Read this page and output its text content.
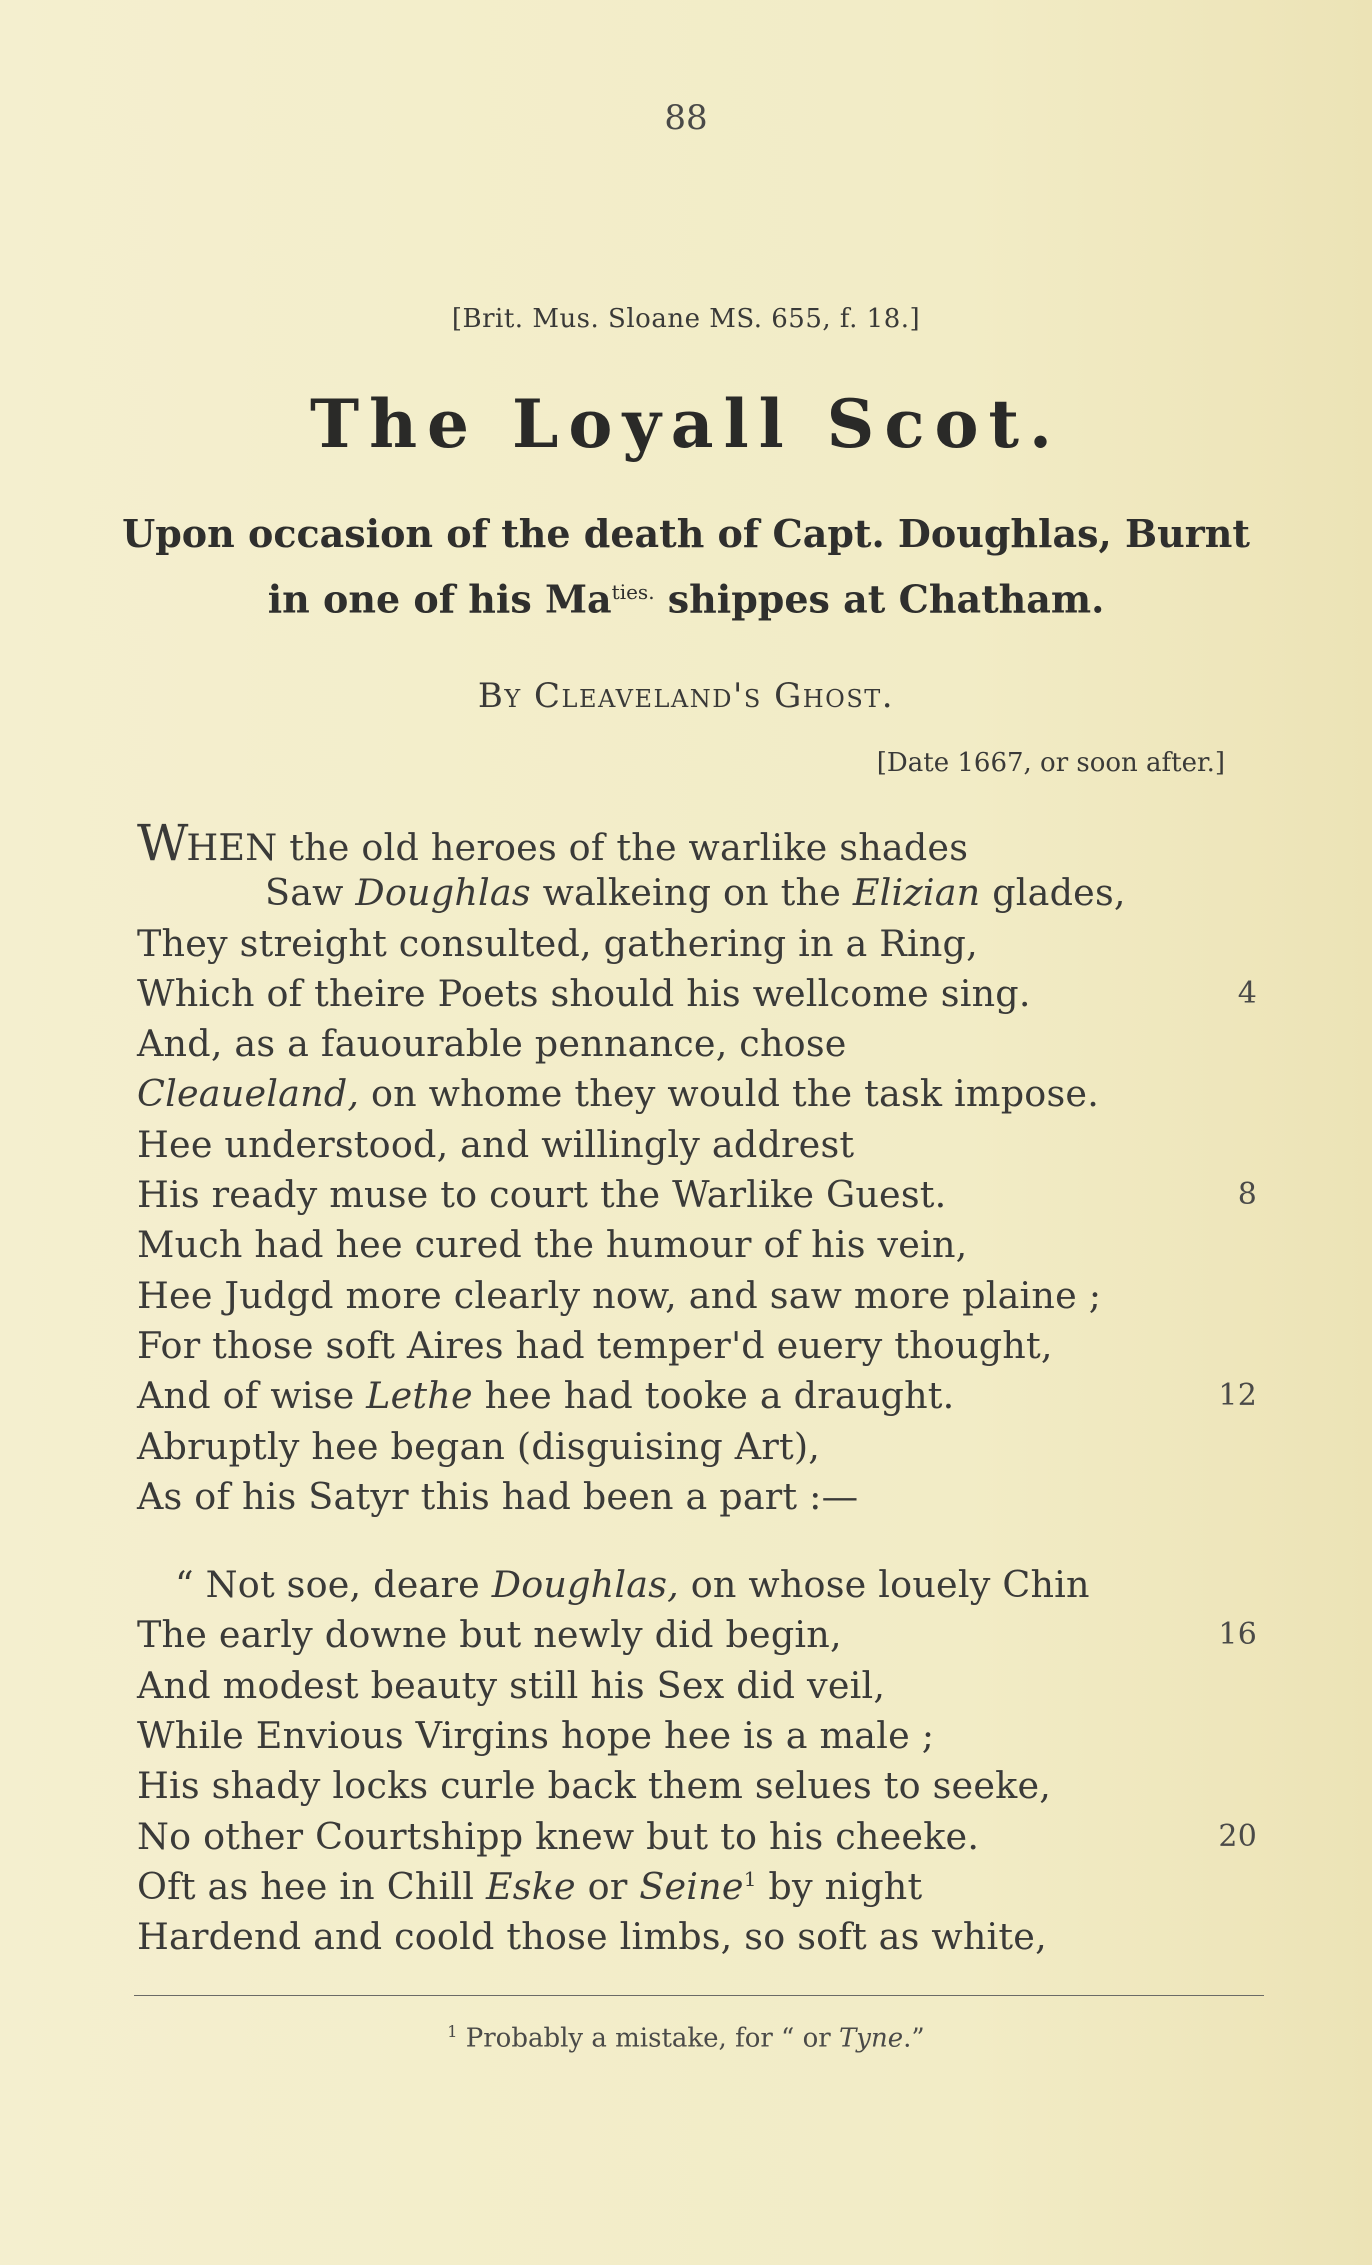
88
[Brit. Mus. Sloane MS. 655, f. 18.]
The Loyall Scot.
Upon occasion of the death of Capt. Doughlas, Burnt
in one of his $Ma^{ties.}$ shippes at Chatham.
By Cleaveland's Ghost.
[Date 1667, or soon after.]
WHEN the old heroes of the warlike shades
Saw Doughlas walkeing on the Elizian glades,
They streight consulted, gathering in a Ring,
Which of theire Poets should his wellcome sing.	4
And, as a fauourable pennance, chose
Cleaueland, on whome they would the task impose.
Hee understood, and willingly addrest
His ready muse to court the Warlike Guest.	8
Much had hee cured the humour of his vein,
Hee Judgd more clearly now, and saw more plaine ;
For those soft Aires had temper'd euery thought,
And of wise Lethe hee had tooke a draught.	12
Abruptly hee began (disguising Art),
As of his Satyr this had been a part :—
“ Not soe, deare Doughlas, on whose louely Chin
The early downe but newly did begin,	16
And modest beauty still his Sex did veil,
While Envious Virgins hope hee is a male ;
His shady locks curle back them selues to seeke,
No other Courtshipp knew but to his cheeke.	20
Oft as hee in Chill Eske or Seine$^1$ by night
Hardend and coold those limbs, so soft as white,
$^1$ Probably a mistake, for “ or Tyne.”
